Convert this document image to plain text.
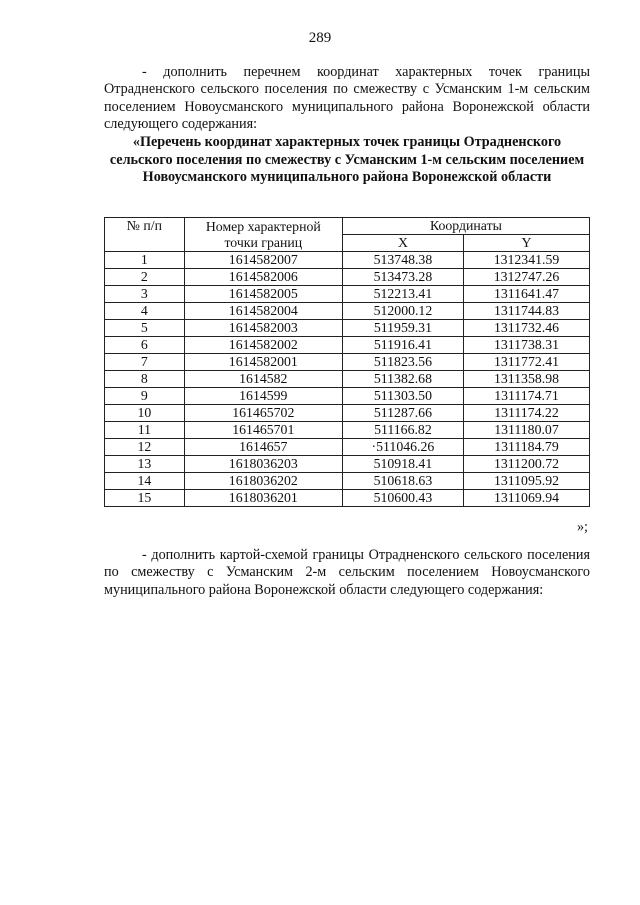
289

- дополнить перечнем координат характерных точек границы Отрадненского сельского поселения по смежеству с Усманским 1-м сельским поселением Новоусманского муниципального района Воронежской области следующего содержания:

«Перечень координат характерных точек границы Отрадненского сельского поселения по смежеству с Усманским 1-м сельским поселением Новоусманского муниципального района Воронежской области

№ п/п	Номер характерной точки границ	Координаты	
		X	Y
1	1614582007	513748.38	1312341.59
2	1614582006	513473.28	1312747.26
3	1614582005	512213.41	1311641.47
4	1614582004	512000.12	1311744.83
5	1614582003	511959.31	1311732.46
6	1614582002	511916.41	1311738.31
7	1614582001	511823.56	1311772.41
8	1614582	511382.68	1311358.98
9	1614599	511303.50	1311174.71
10	161465702	511287.66	1311174.22
11	161465701	511166.82	1311180.07
12	1614657	·511046.26	1311184.79
13	1618036203	510918.41	1311200.72
14	1618036202	510618.63	1311095.92
15	1618036201	510600.43	1311069.94
»;

- дополнить картой-схемой границы Отрадненского сельского поселения по смежеству с Усманским 2-м сельским поселением Новоусманского муниципального района Воронежской области следующего содержания:
